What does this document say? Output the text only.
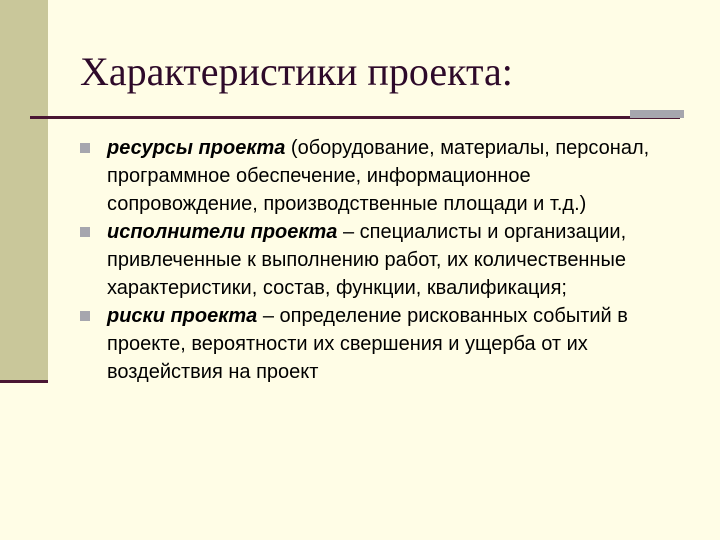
Характеристики проекта:
ресурсы проекта (оборудование, материалы, персонал, программное обеспечение, информационное сопровождение, производственные площади и т.д.)
исполнители проекта – специалисты и организации, привлеченные к выполнению работ, их количественные характеристики, состав, функции, квалификация;
риски проекта – определение рискованных событий в проекте, вероятности их свершения и ущерба от их воздействия на проект
